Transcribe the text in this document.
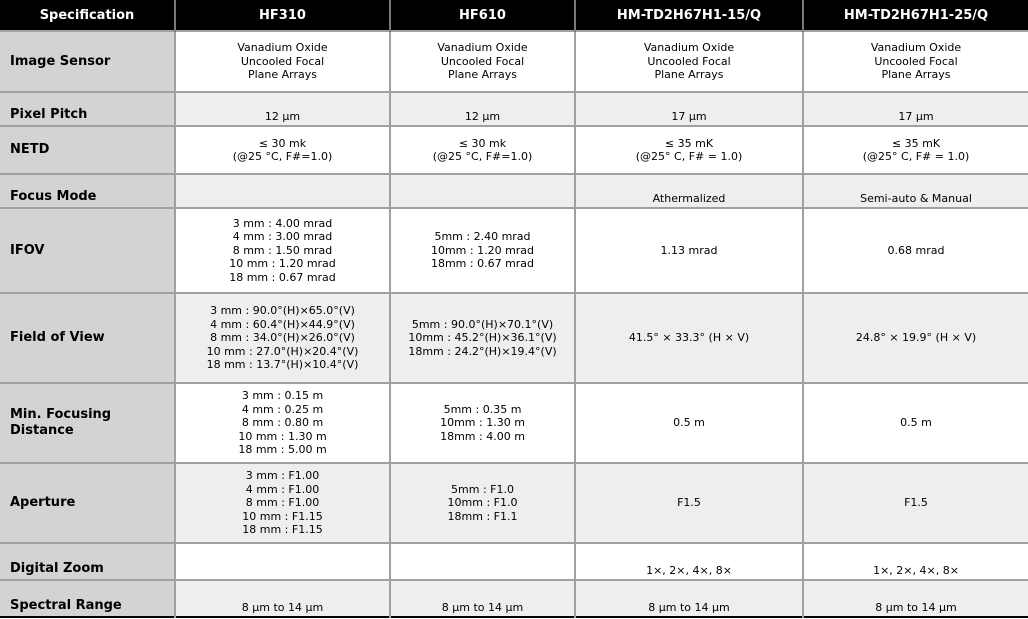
Specification	HF310	HF610	HM-TD2H67H1-15/Q	HM-TD2H67H1-25/Q
Image Sensor	Vanadium Oxide
Uncooled Focal
Plane Arrays	Vanadium Oxide
Uncooled Focal
Plane Arrays	Vanadium Oxide
Uncooled Focal
Plane Arrays	Vanadium Oxide
Uncooled Focal
Plane Arrays
Pixel Pitch	12 μm	12 μm	17 μm	17 μm
NETD	≤ 30 mk
(@25 °C, F#=1.0)	≤ 30 mk
(@25 °C, F#=1.0)	≤ 35 mK
(@25° C, F# = 1.0)	≤ 35 mK
(@25° C, F# = 1.0)
Focus Mode			Athermalized	Semi-auto & Manual
IFOV	3 mm : 4.00 mrad
4 mm : 3.00 mrad
8 mm : 1.50 mrad
10 mm : 1.20 mrad
18 mm : 0.67 mrad	5mm : 2.40 mrad
10mm : 1.20 mrad
18mm : 0.67 mrad	1.13 mrad	0.68 mrad
Field of View	3 mm : 90.0°(H)×65.0°(V)
4 mm : 60.4°(H)×44.9°(V)
8 mm : 34.0°(H)×26.0°(V)
10 mm : 27.0°(H)×20.4°(V)
18 mm : 13.7°(H)×10.4°(V)	5mm : 90.0°(H)×70.1°(V)
10mm : 45.2°(H)×36.1°(V)
18mm : 24.2°(H)×19.4°(V)	41.5° × 33.3° (H × V)	24.8° × 19.9° (H × V)
Min. Focusing Distance	3 mm : 0.15 m
4 mm : 0.25 m
8 mm : 0.80 m
10 mm : 1.30 m
18 mm : 5.00 m	5mm : 0.35 m
10mm : 1.30 m
18mm : 4.00 m	0.5 m	0.5 m
Aperture	3 mm : F1.00
4 mm : F1.00
8 mm : F1.00
10 mm : F1.15
18 mm : F1.15	5mm : F1.0
10mm : F1.0
18mm : F1.1	F1.5	F1.5
Digital Zoom			1×, 2×, 4×, 8×	1×, 2×, 4×, 8×
Spectral Range	8 μm to 14 μm	8 μm to 14 μm	8 μm to 14 μm	8 μm to 14 μm
